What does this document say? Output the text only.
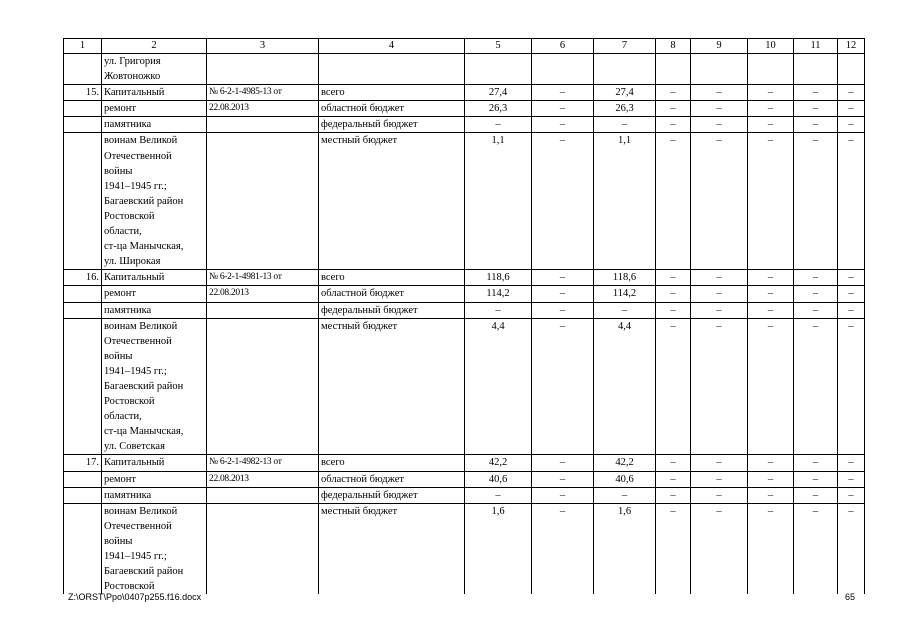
1	2	3	4	5	6	7	8	9	10	11	12
	ул. Григория										
	Жовтоножко										
15.	Капитальный	№ 6-2-1-4985-13 от	всего	27,4	–	27,4	–	–	–	–	–
	ремонт	22.08.2013	областной бюджет	26,3	–	26,3	–	–	–	–	–
	памятника		федеральный бюджет	–	–	–	–	–	–	–	–
	воинам Великой		местный бюджет	1,1	–	1,1	–	–	–	–	–
	Отечественной										
	войны										
	1941–1945 гг.;										
	Багаевский район										
	Ростовской										
	области,										
	ст-ца Манычская,										
	ул. Широкая										
16.	Капитальный	№ 6-2-1-4981-13 от	всего	118,6	–	118,6	–	–	–	–	–
	ремонт	22.08.2013	областной бюджет	114,2	–	114,2	–	–	–	–	–
	памятника		федеральный бюджет	–	–	–	–	–	–	–	–
	воинам Великой		местный бюджет	4,4	–	4,4	–	–	–	–	–
	Отечественной										
	войны										
	1941–1945 гг.;										
	Багаевский район										
	Ростовской										
	области,										
	ст-ца Манычская,										
	ул. Советская										
17.	Капитальный	№ 6-2-1-4982-13 от	всего	42,2	–	42,2	–	–	–	–	–
	ремонт	22.08.2013	областной бюджет	40,6	–	40,6	–	–	–	–	–
	памятника		федеральный бюджет	–	–	–	–	–	–	–	–
	воинам Великой		местный бюджет	1,6	–	1,6	–	–	–	–	–
	Отечественной										
	войны										
	1941–1945 гг.;										
	Багаевский район										
	Ростовской										
Z:\ORST\Ppo\0407p255.f16.docx	65
